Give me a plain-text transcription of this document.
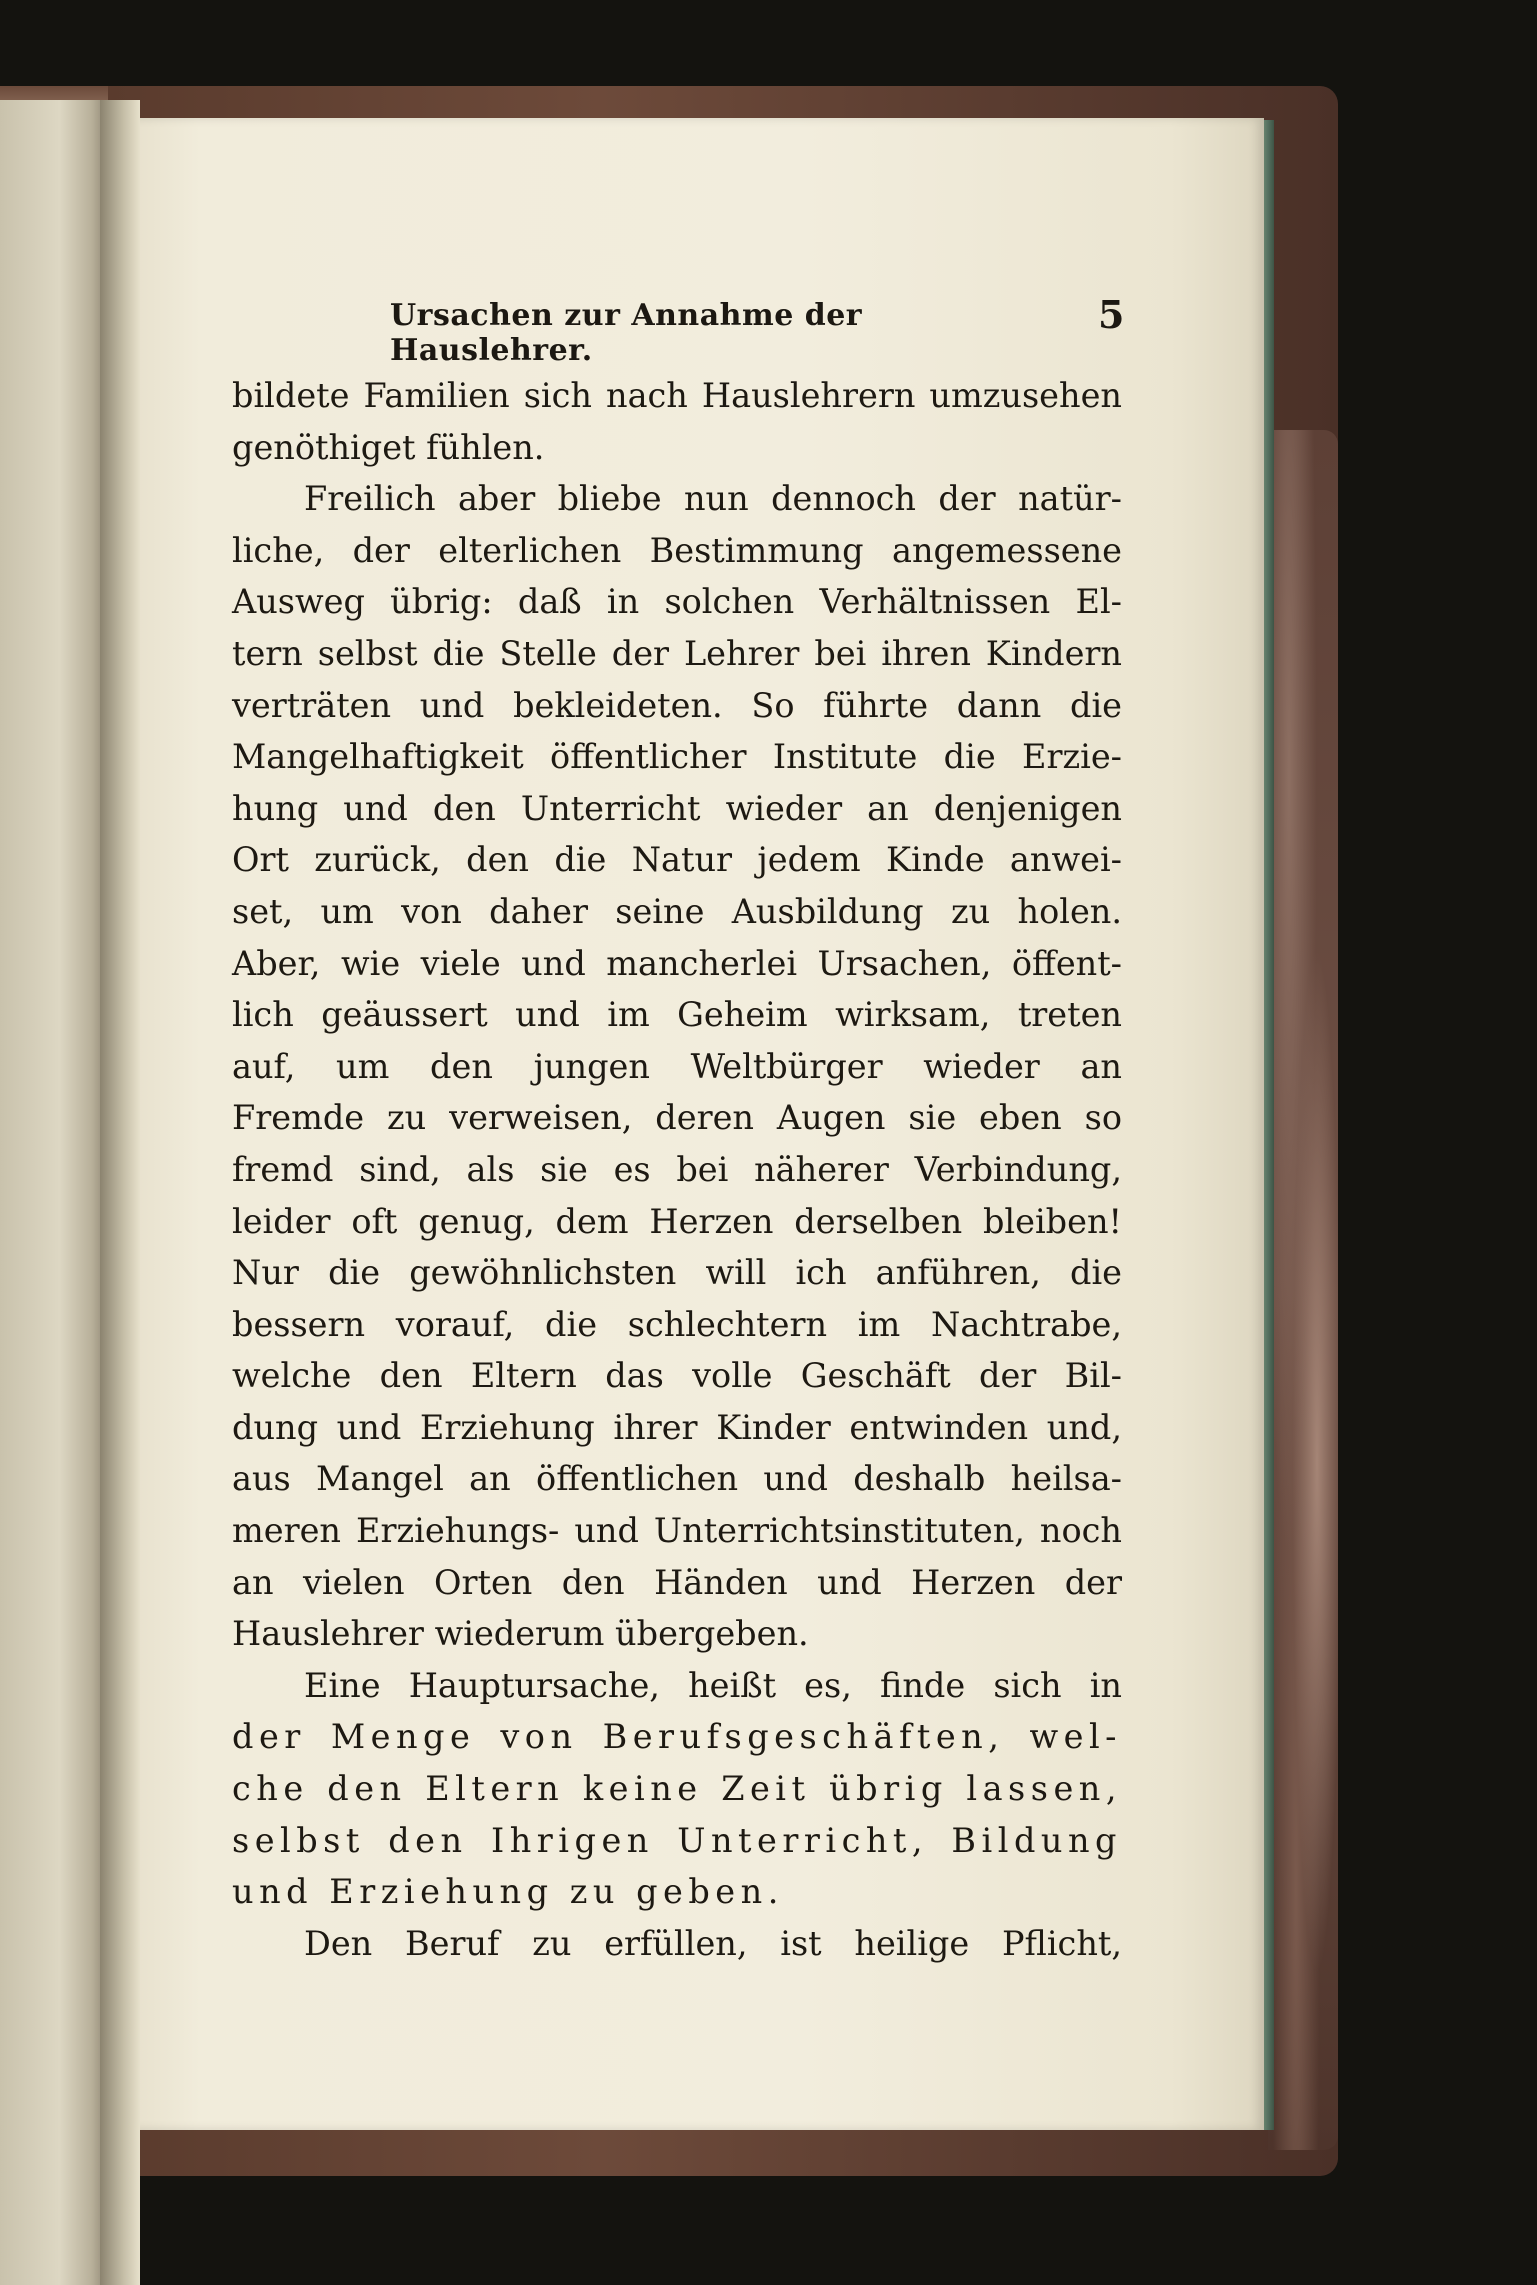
Ursachen zur Annahme der Hauslehrer.
5
bildete Familien sich nach Hauslehrern umzusehen
genöthiget fühlen.
Freilich aber bliebe nun dennoch der natür-
liche, der elterlichen Bestimmung angemessene
Ausweg übrig: daß in solchen Verhältnissen El-
tern selbst die Stelle der Lehrer bei ihren Kindern
verträten und bekleideten. So führte dann die
Mangelhaftigkeit öffentlicher Institute die Erzie-
hung und den Unterricht wieder an denjenigen
Ort zurück, den die Natur jedem Kinde anwei-
set, um von daher seine Ausbildung zu holen.
Aber, wie viele und mancherlei Ursachen, öffent-
lich geäussert und im Geheim wirksam, treten
auf, um den jungen Weltbürger wieder an
Fremde zu verweisen, deren Augen sie eben so
fremd sind, als sie es bei näherer Verbindung,
leider oft genug, dem Herzen derselben bleiben!
Nur die gewöhnlichsten will ich anführen, die
bessern vorauf, die schlechtern im Nachtrabe,
welche den Eltern das volle Geschäft der Bil-
dung und Erziehung ihrer Kinder entwinden und,
aus Mangel an öffentlichen und deshalb heilsa-
meren Erziehungs- und Unterrichtsinstituten, noch
an vielen Orten den Händen und Herzen der
Hauslehrer wiederum übergeben.
Eine Hauptursache, heißt es, finde sich in
der Menge von Berufsgeschäften, wel-
che den Eltern keine Zeit übrig lassen,
selbst den Ihrigen Unterricht, Bildung
und Erziehung zu geben.
Den Beruf zu erfüllen, ist heilige Pflicht,
